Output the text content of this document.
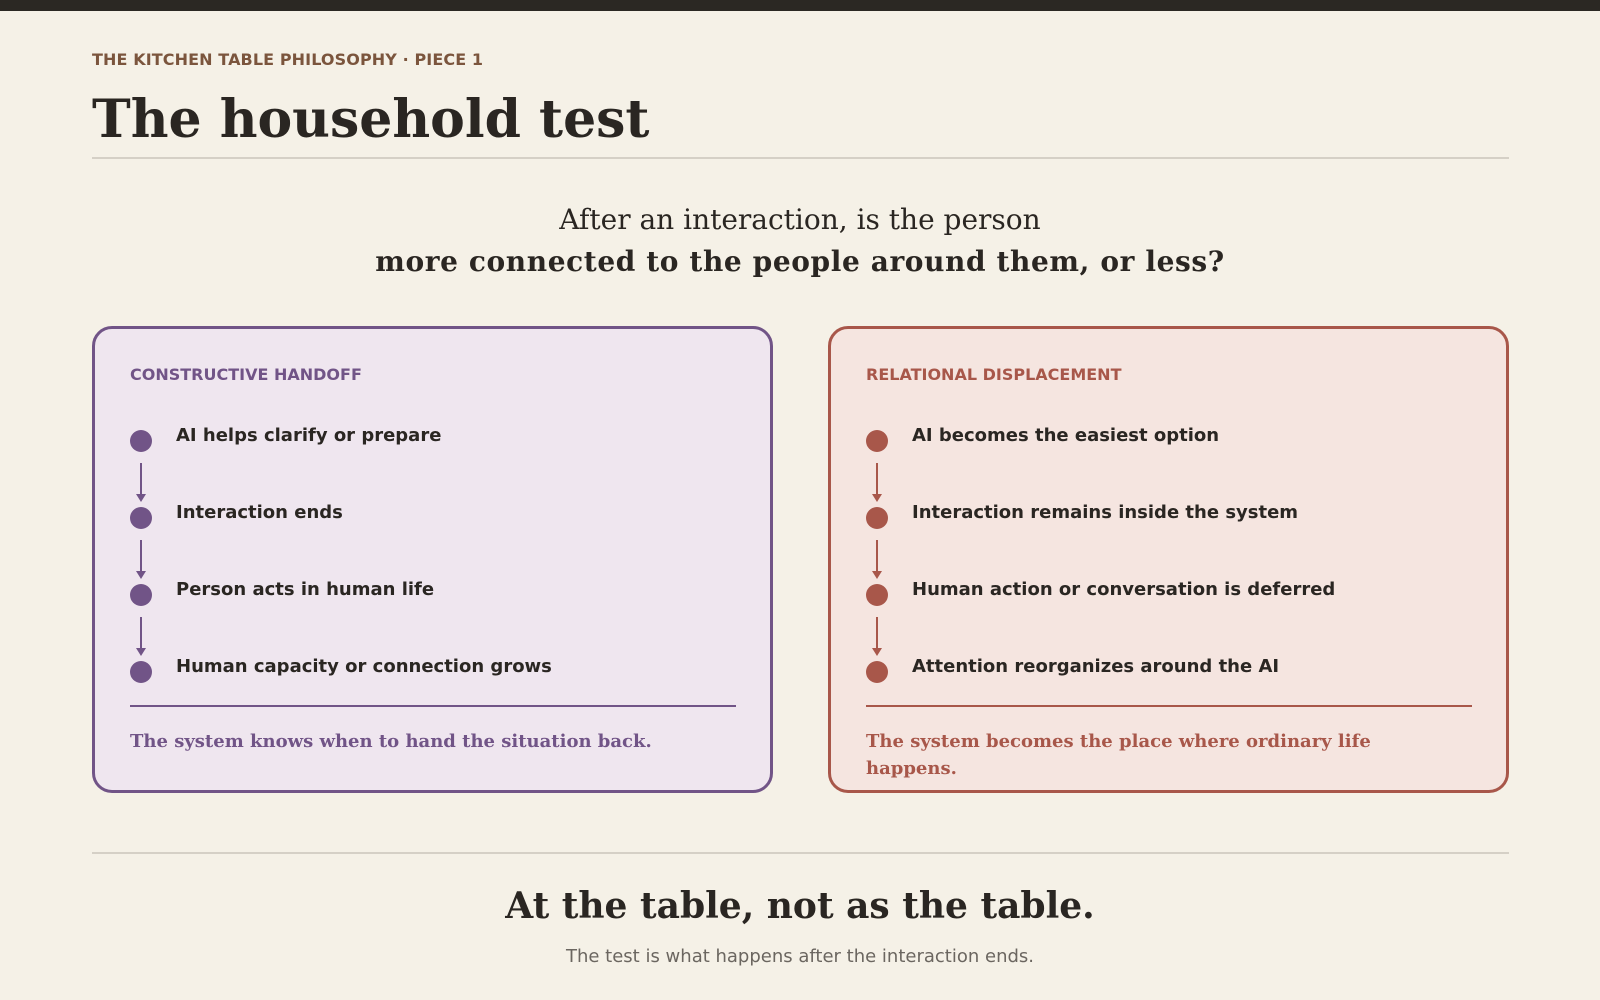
THE KITCHEN TABLE PHILOSOPHY · PIECE 1
The household test
After an interaction, is the person
more connected to the people around them, or less?
CONSTRUCTIVE HANDOFF
AI helps clarify or prepare
Interaction ends
Person acts in human life
Human capacity or connection grows
The system knows when to hand the situation back.
RELATIONAL DISPLACEMENT
AI becomes the easiest option
Interaction remains inside the system
Human action or conversation is deferred
Attention reorganizes around the AI
The system becomes the place where ordinary life happens.
At the table, not as the table.
The test is what happens after the interaction ends.
